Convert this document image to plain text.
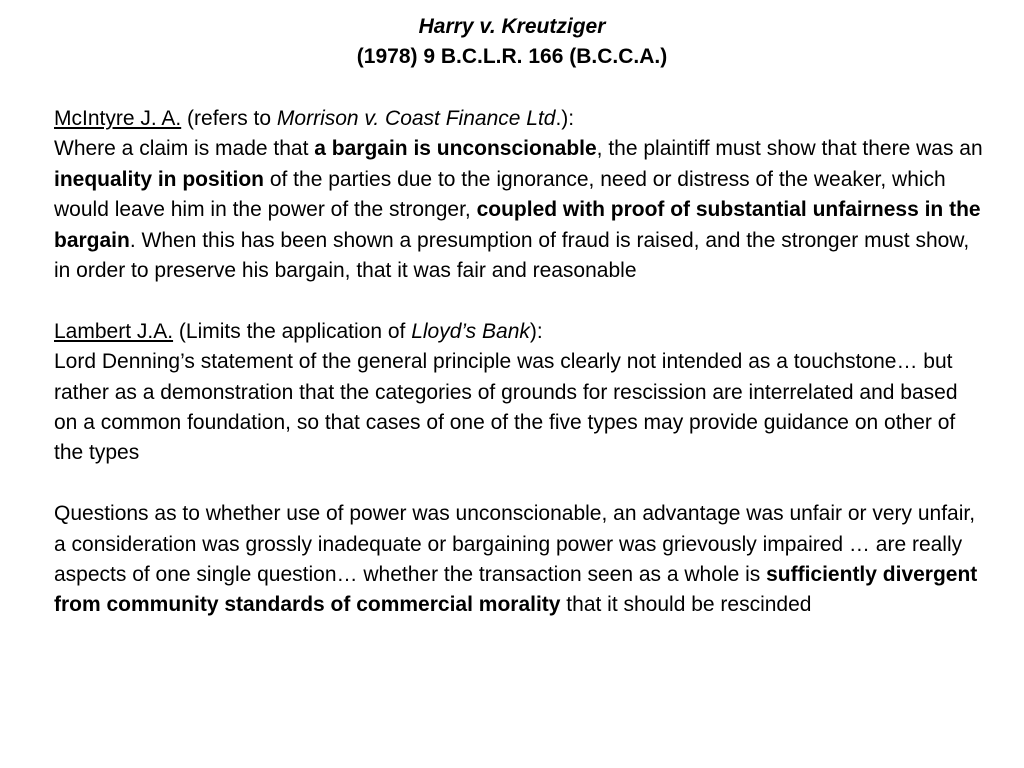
Harry v. Kreutziger
(1978) 9 B.C.L.R. 166 (B.C.C.A.)

McIntyre J. A. (refers to Morrison v. Coast Finance Ltd.):

Where a claim is made that a bargain is unconscionable, the plaintiff must show that there was an inequality in position of the parties due to the ignorance, need or distress of the weaker, which would leave him in the power of the stronger, coupled with proof of substantial unfairness in the bargain. When this has been shown a presumption of fraud is raised, and the stronger must show, in order to preserve his bargain, that it was fair and reasonable

Lambert J.A. (Limits the application of Lloyd’s Bank):

Lord Denning’s statement of the general principle was clearly not intended as a touchstone… but rather as a demonstration that the categories of grounds for rescission are interrelated and based on a common foundation, so that cases of one of the five types may provide guidance on other of the types

Questions as to whether use of power was unconscionable, an advantage was unfair or very unfair, a consideration was grossly inadequate or bargaining power was grievously impaired … are really aspects of one single question… whether the transaction seen as a whole is sufficiently divergent from community standards of commercial morality that it should be rescinded
